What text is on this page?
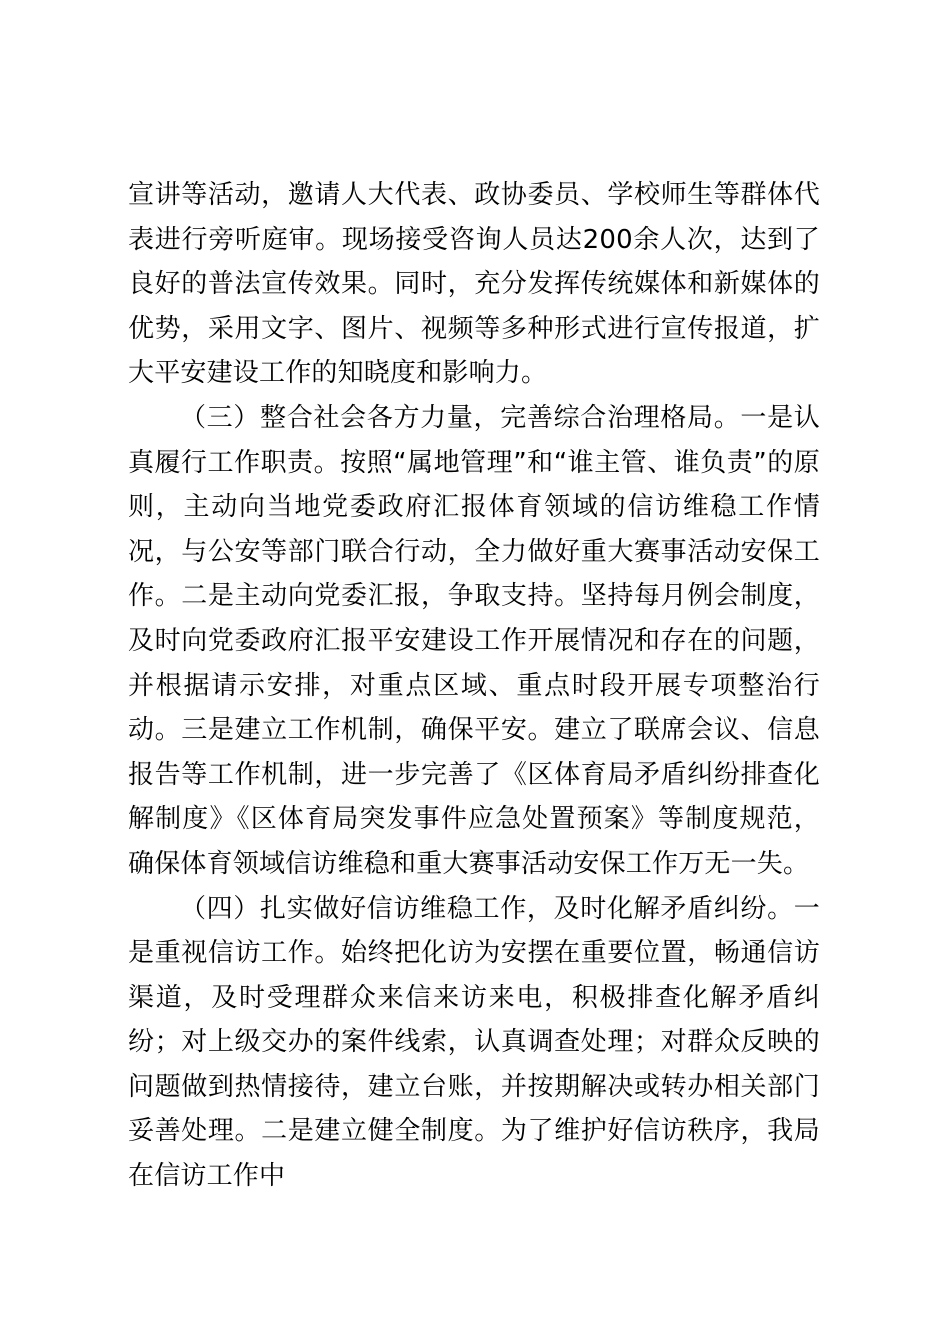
宣讲等活动，邀请人大代表、政协委员、学校师生等群体代表进行旁听庭审。现场接受咨询人员达200余人次，达到了良好的普法宣传效果。同时，充分发挥传统媒体和新媒体的优势，采用文字、图片、视频等多种形式进行宣传报道，扩大平安建设工作的知晓度和影响力。

（三）整合社会各方力量，完善综合治理格局。一是认真履行工作职责。按照“属地管理”和“谁主管、谁负责”的原则，主动向当地党委政府汇报体育领域的信访维稳工作情况，与公安等部门联合行动，全力做好重大赛事活动安保工作。二是主动向党委汇报，争取支持。坚持每月例会制度，及时向党委政府汇报平安建设工作开展情况和存在的问题，并根据请示安排，对重点区域、重点时段开展专项整治行动。三是建立工作机制，确保平安。建立了联席会议、信息报告等工作机制，进一步完善了《区体育局矛盾纠纷排查化解制度》《区体育局突发事件应急处置预案》等制度规范，确保体育领域信访维稳和重大赛事活动安保工作万无一失。

（四）扎实做好信访维稳工作，及时化解矛盾纠纷。一是重视信访工作。始终把化访为安摆在重要位置，畅通信访渠道，及时受理群众来信来访来电，积极排查化解矛盾纠纷；对上级交办的案件线索，认真调查处理；对群众反映的问题做到热情接待，建立台账，并按期解决或转办相关部门妥善处理。二是建立健全制度。为了维护好信访秩序，我局在信访工作中
